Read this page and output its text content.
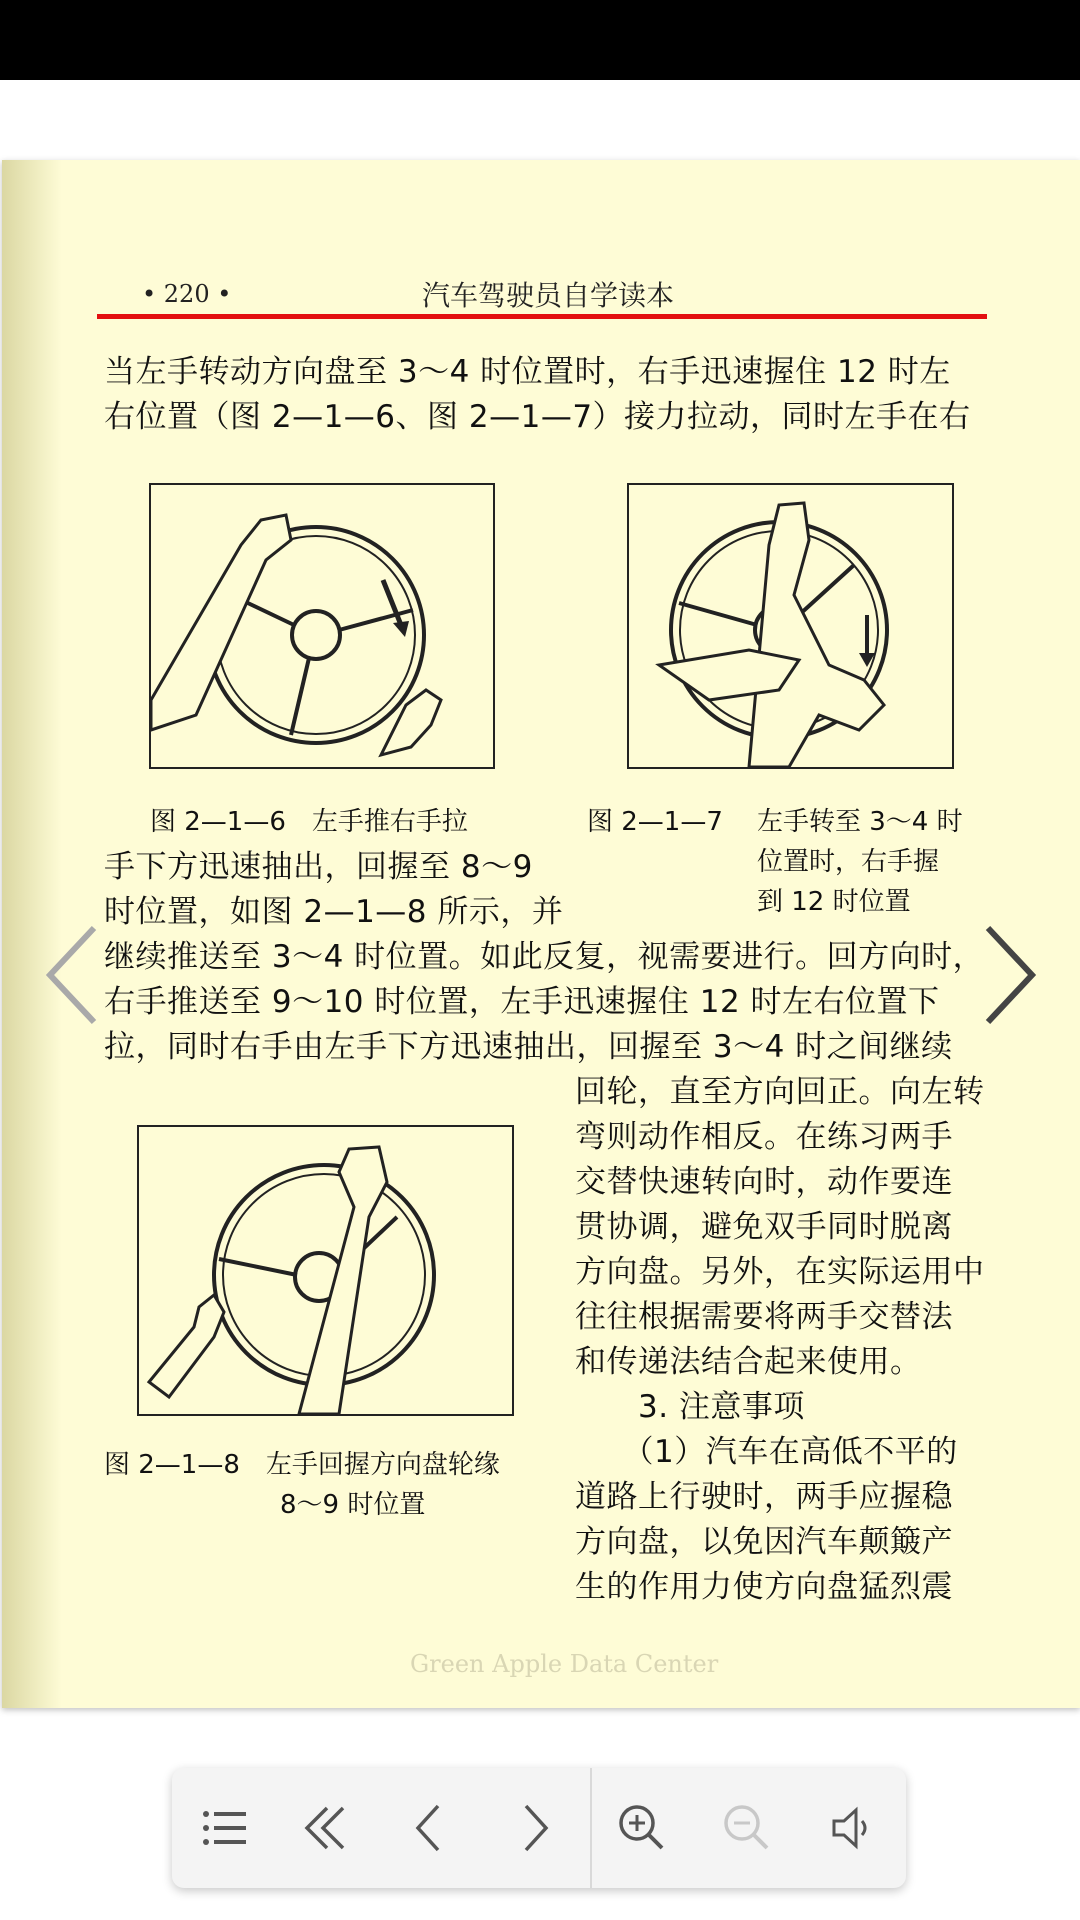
• 220 •	汽车驾驶员自学读本
当左手转动方向盘至 3～4 时位置时，右手迅速握住 12 时左
右位置（图 2—1—6、图 2—1—7）接力拉动，同时左手在右
图 2—1—6　左手推右手拉	图 2—1—7 左手转至 3～4 时
位置时，右手握
到 12 时位置
手下方迅速抽出，回握至 8～9
时位置，如图 2—1—8 所示，并
继续推送至 3～4 时位置。如此反复，视需要进行。回方向时，
右手推送至 9～10 时位置，左手迅速握住 12 时左右位置下
拉，同时右手由左手下方迅速抽出，回握至 3～4 时之间继续
图 2—1—8　左手回握方向盘轮缘
8～9 时位置
回轮，直至方向回正。向左转
弯则动作相反。在练习两手
交替快速转向时，动作要连
贯协调，避免双手同时脱离
方向盘。另外，在实际运用中
往往根据需要将两手交替法
和传递法结合起来使用。
　　3. 注意事项
　　（1）汽车在高低不平的
道路上行驶时，两手应握稳
方向盘，以免因汽车颠簸产
生的作用力使方向盘猛烈震
Green Apple Data Center
